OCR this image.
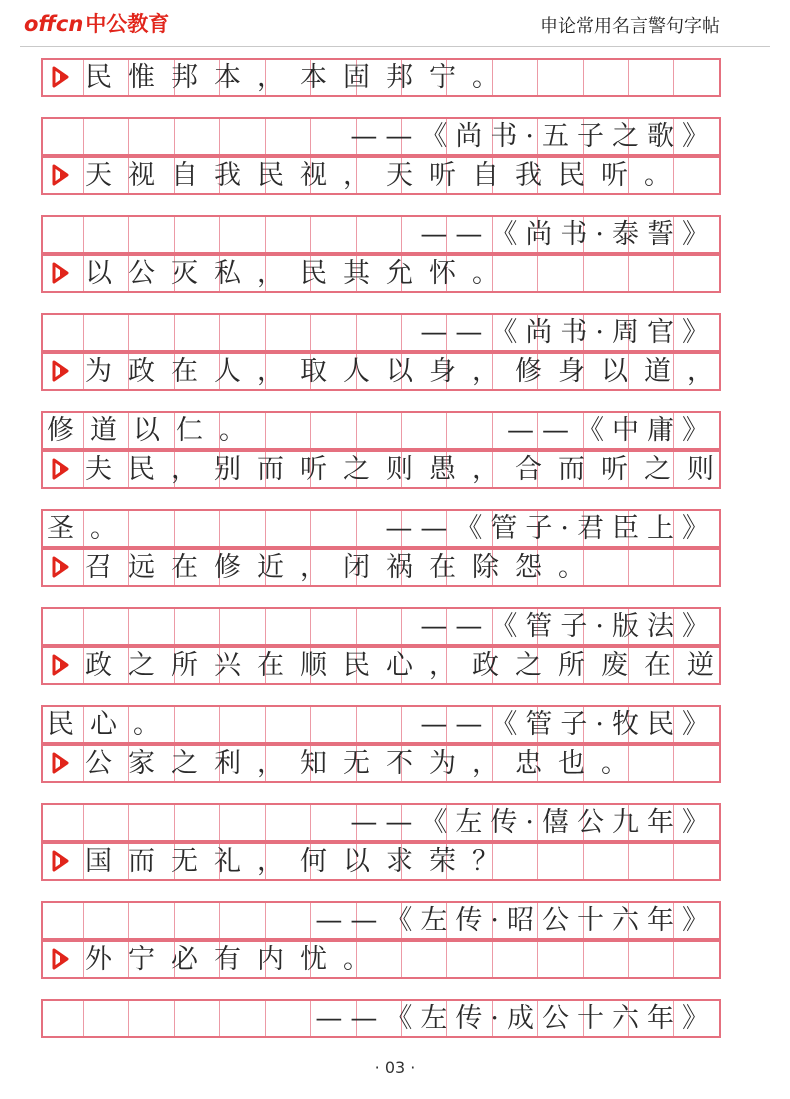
offcn中公教育	申论常用名言警句字帖
民惟邦本，本固邦宁。
——《尚书·五子之歌》
天视自我民视，天听自我民听。
——《尚书·泰誓》
以公灭私，民其允怀。
——《尚书·周官》
为政在人，取人以身，修身以道，
修道以仁。	——《中庸》
夫民，别而听之则愚，合而听之则
圣。	——《管子·君臣上》
召远在修近，闭祸在除怨。
——《管子·版法》
政之所兴在顺民心，政之所废在逆
民心。	——《管子·牧民》
公家之利，知无不为，忠也。
——《左传·僖公九年》
国而无礼，何以求荣？
——《左传·昭公十六年》
外宁必有内忧。
——《左传·成公十六年》
· 03 ·
